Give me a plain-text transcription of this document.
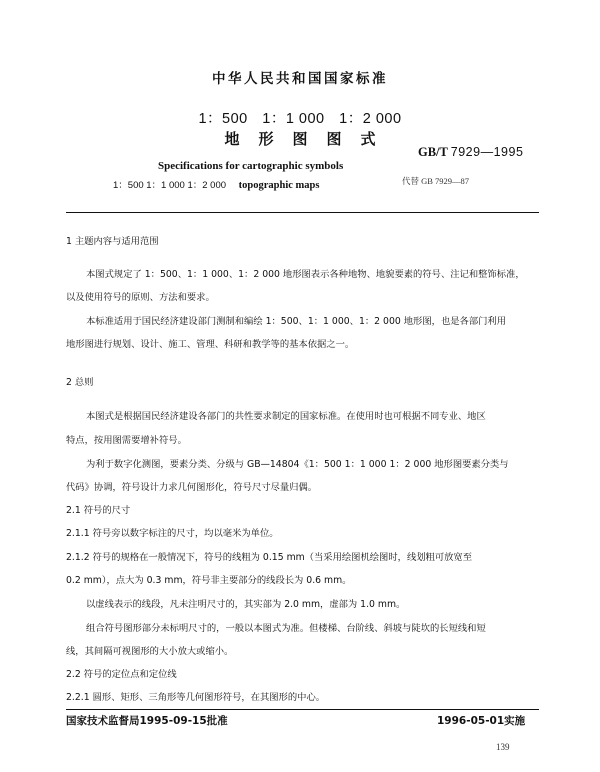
中华人民共和国国家标准
1：500 1：1 000 1：2 000
地形图图式
GB/T 7929—1995
Specifications for cartographic symbols
1：500 1：1 000 1：2 000 topographic maps	代替 GB 7929—87
1 主题内容与适用范围
本图式规定了 1：500、1：1 000、1：2 000 地形图表示各种地物、地貌要素的符号、注记和整饰标准，
以及使用符号的原则、方法和要求。
本标准适用于国民经济建设部门测制和编绘 1：500、1：1 000、1：2 000 地形图，也是各部门利用
地形图进行规划、设计、施工、管理、科研和教学等的基本依据之一。
2 总则
本图式是根据国民经济建设各部门的共性要求制定的国家标准。在使用时也可根据不同专业、地区
特点，按用图需要增补符号。
为利于数字化测图，要素分类、分级与 GB—14804《1：500 1：1 000 1：2 000 地形图要素分类与
代码》协调，符号设计力求几何图形化，符号尺寸尽量归偶。
2.1 符号的尺寸
2.1.1 符号旁以数字标注的尺寸，均以毫米为单位。
2.1.2 符号的规格在一般情况下，符号的线粗为 0.15 mm（当采用绘图机绘图时，线划粗可放宽至
0.2 mm），点大为 0.3 mm，符号非主要部分的线段长为 0.6 mm。
以虚线表示的线段，凡未注明尺寸的，其实部为 2.0 mm，虚部为 1.0 mm。
组合符号图形部分未标明尺寸的，一般以本图式为准。但楼梯、台阶线、斜坡与陡坎的长短线和短
线，其间隔可视图形的大小放大或缩小。
2.2 符号的定位点和定位线
2.2.1 圆形、矩形、三角形等几何图形符号，在其图形的中心。
国家技术监督局1995-09-15批准	1996-05-01实施
139
